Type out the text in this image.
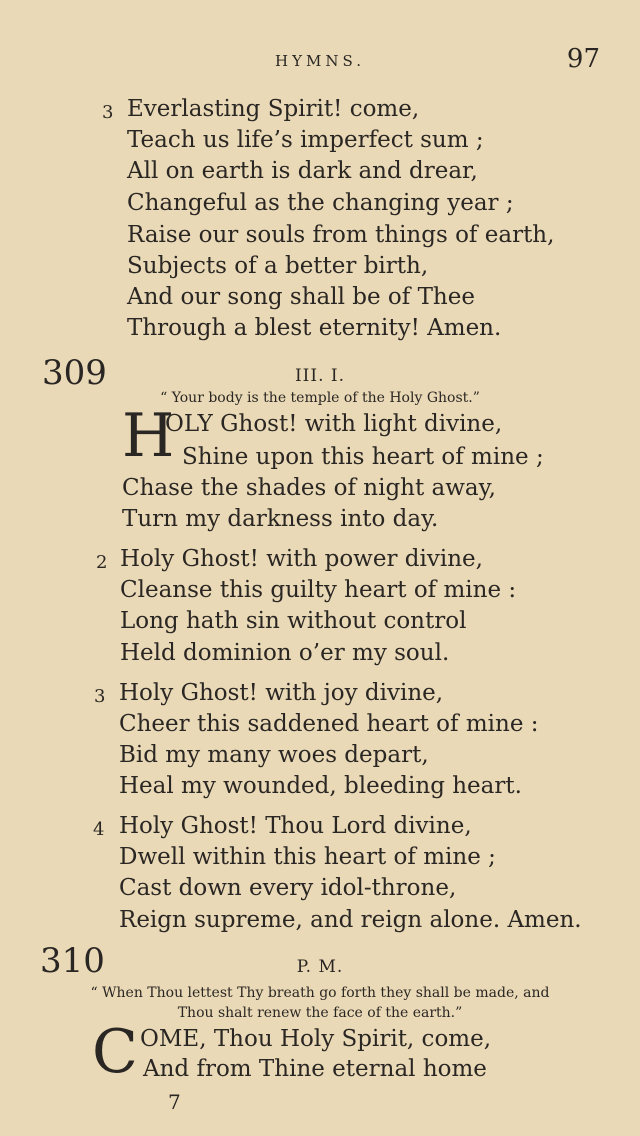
HYMNS.	97
3 Everlasting Spirit! come,
Teach us life’s imperfect sum ;
All on earth is dark and drear,
Changeful as the changing year ;
Raise our souls from things of earth,
Subjects of a better birth,
And our song shall be of Thee
Through a blest eternity! Amen.
309	III. I.
“ Your body is the temple of the Holy Ghost.”
H
OLY Ghost! with light divine,
Shine upon this heart of mine ;
Chase the shades of night away,
Turn my darkness into day.
2 Holy Ghost! with power divine,
Cleanse this guilty heart of mine :
Long hath sin without control
Held dominion o’er my soul.
3 Holy Ghost! with joy divine,
Cheer this saddened heart of mine :
Bid my many woes depart,
Heal my wounded, bleeding heart.
4 Holy Ghost! Thou Lord divine,
Dwell within this heart of mine ;
Cast down every idol-throne,
Reign supreme, and reign alone. Amen.
310	P. M.
“ When Thou lettest Thy breath go forth they shall be made, and
Thou shalt renew the face of the earth.”
C OME, Thou Holy Spirit, come,
And from Thine eternal home
7
